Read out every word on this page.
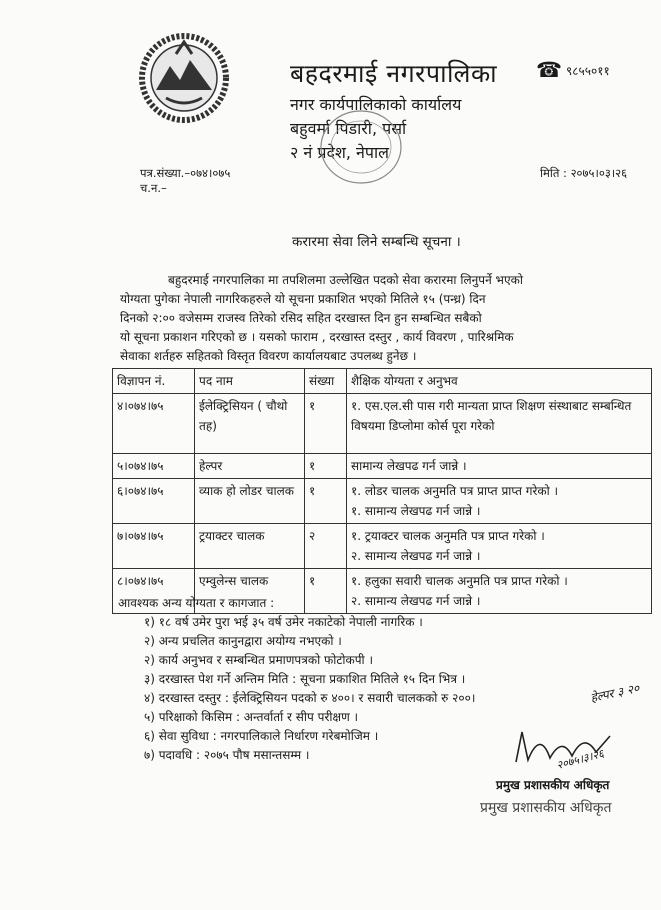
बहदरमाई नगरपालिका ☎ ९८५५०११
नगर कार्यपालिकाको कार्यालय
बहुवर्मा पिडारी, पर्सा
२ नं प्रदेश, नेपाल
पत्र.संख्या.–०७४।०७५
च.न.–
मिति : २०७५।०३।२६
करारमा सेवा लिने सम्बन्धि सूचना ।
बहुदरमाई नगरपालिका मा तपशिलमा उल्लेखित पदको सेवा करारमा लिनुपर्ने भएको
योग्यता पुगेका नेपाली नागरिकहरुले यो सूचना प्रकाशित भएको मितिले १५ (पन्ध्र) दिन
दिनको २:०० वजेसम्म राजस्व तिरेको रसिद सहित दरखास्त दिन हुन सम्बन्धित सबैको
यो सूचना प्रकाशन गरिएको छ । यसको फाराम , दरखास्त दस्तुर , कार्य विवरण , पारिश्रमिक
सेवाका शर्तहरु सहितको विस्तृत विवरण कार्यालयबाट उपलब्ध हुनेछ ।
विज्ञापन नं.	पद नाम	संख्या	शैक्षिक योग्यता र अनुभव
४।०७४।७५	ईलेक्ट्रिसियन ( चौथो तह)	१	१. एस.एल.सी पास गरी मान्यता प्राप्त शिक्षण संस्थाबाट सम्बन्धित विषयमा डिप्लोमा कोर्स पूरा गरेको
५।०७४।७५	हेल्पर	१	सामान्य लेखपढ गर्न जान्ने ।
६।०७४।७५	व्याक हो लोडर चालक	१	१. लोडर चालक अनुमति पत्र प्राप्त प्राप्त गरेको ।
१. सामान्य लेखपढ गर्न जान्ने ।
७।०७४।७५	ट्रयाक्टर चालक	२	१. ट्रयाक्टर चालक अनुमति पत्र प्राप्त गरेको ।
२. सामान्य लेखपढ गर्न जान्ने ।
८।०७४।७५	एम्वुलेन्स चालक	१	१. हलुका सवारी चालक अनुमति पत्र प्राप्त गरेको ।
२. सामान्य लेखपढ गर्न जान्ने ।
आवश्यक अन्य योग्यता र कागजात :
१) १८ वर्ष उमेर पुरा भई ३५ वर्ष उमेर नकाटेको नेपाली नागरिक ।
२) अन्य प्रचलित कानुनद्वारा अयोग्य नभएको ।
२) कार्य अनुभव र सम्बन्धित प्रमाणपत्रको फोटोकपी ।
३) दरखास्त पेश गर्ने अन्तिम मिति : सूचना प्रकाशित मितिले १५ दिन भित्र ।
४) दरखास्त दस्तुर : ईलेक्ट्रिसियन पदको रु ४००। र सवारी चालकको रु २००।
५) परिक्षाको किसिम : अन्तर्वार्ता र सीप परीक्षण ।
६) सेवा सुविधा : नगरपालिकाले निर्धारण गरेबमोजिम ।
७) पदावधि : २०७५ पौष मसान्तसम्म ।
हेल्पर ३ २०
२०७५।३।२६
प्रमुख प्रशासकीय अधिकृत
प्रमुख प्रशासकीय अधिकृत
